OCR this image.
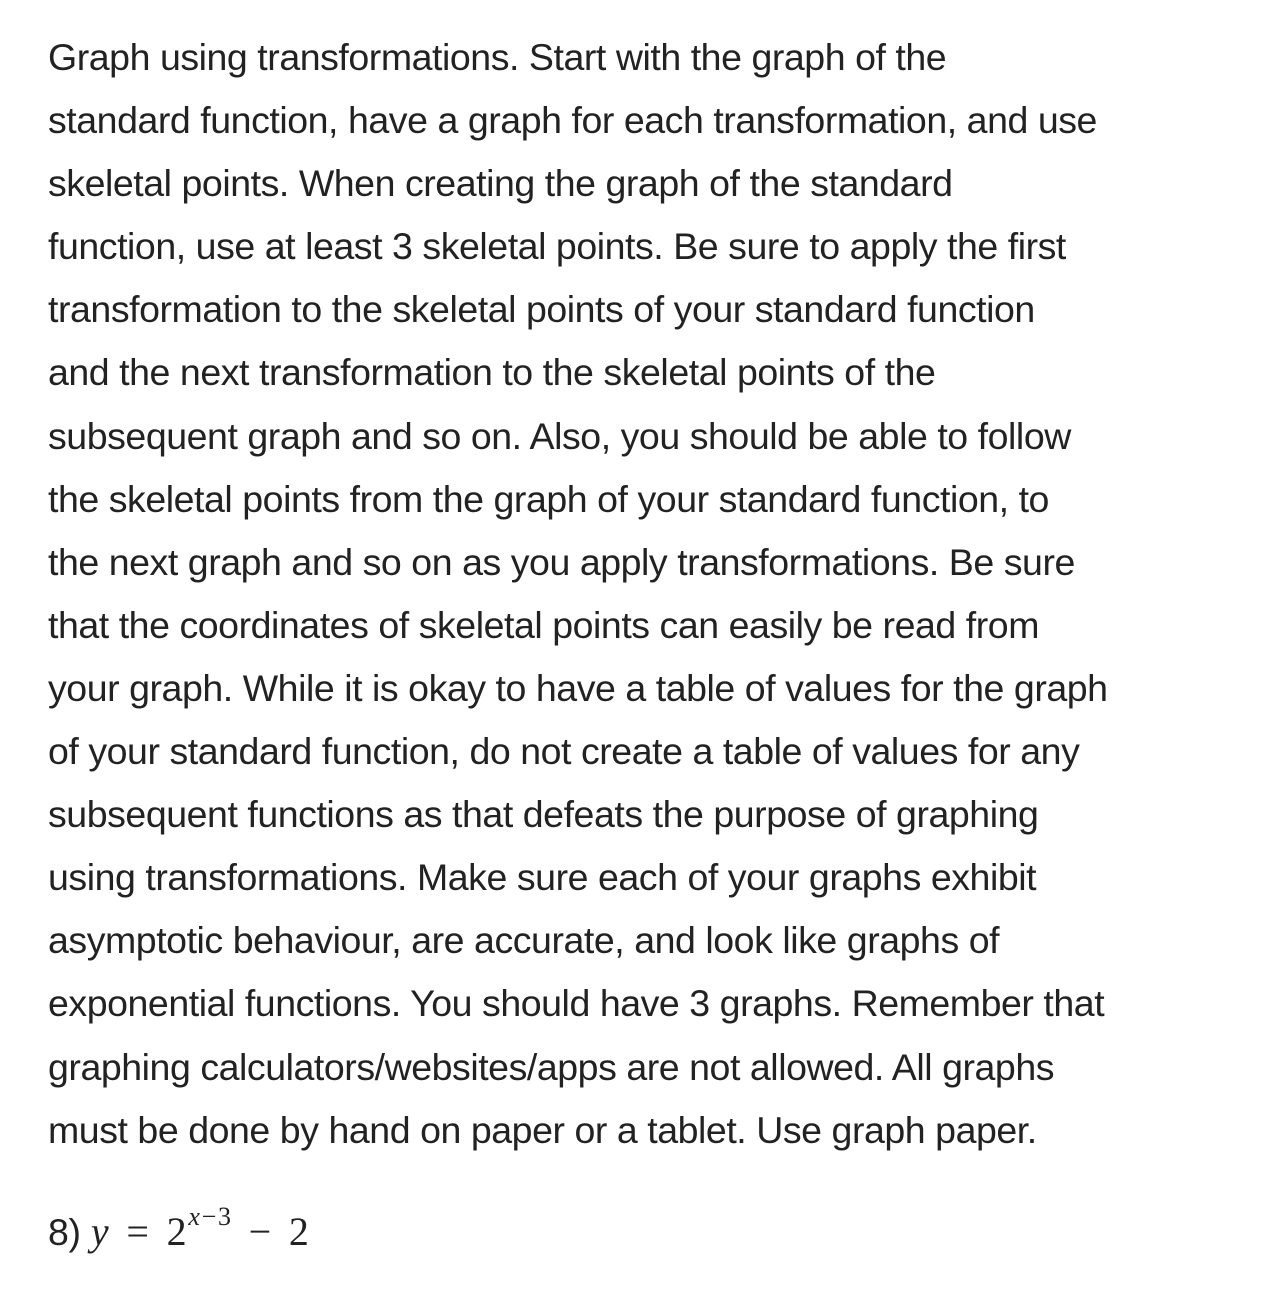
Graph using transformations. Start with the graph of the
standard function, have a graph for each transformation, and use
skeletal points. When creating the graph of the standard
function, use at least 3 skeletal points. Be sure to apply the first
transformation to the skeletal points of your standard function
and the next transformation to the skeletal points of the
subsequent graph and so on. Also, you should be able to follow
the skeletal points from the graph of your standard function, to
the next graph and so on as you apply transformations. Be sure
that the coordinates of skeletal points can easily be read from
your graph. While it is okay to have a table of values for the graph
of your standard function, do not create a table of values for any
subsequent functions as that defeats the purpose of graphing
using transformations. Make sure each of your graphs exhibit
asymptotic behaviour, are accurate, and look like graphs of
exponential functions. You should have 3 graphs. Remember that
graphing calculators/websites/apps are not allowed. All graphs
must be done by hand on paper or a tablet. Use graph paper.

8) $y = 2^{x-3} - 2$
